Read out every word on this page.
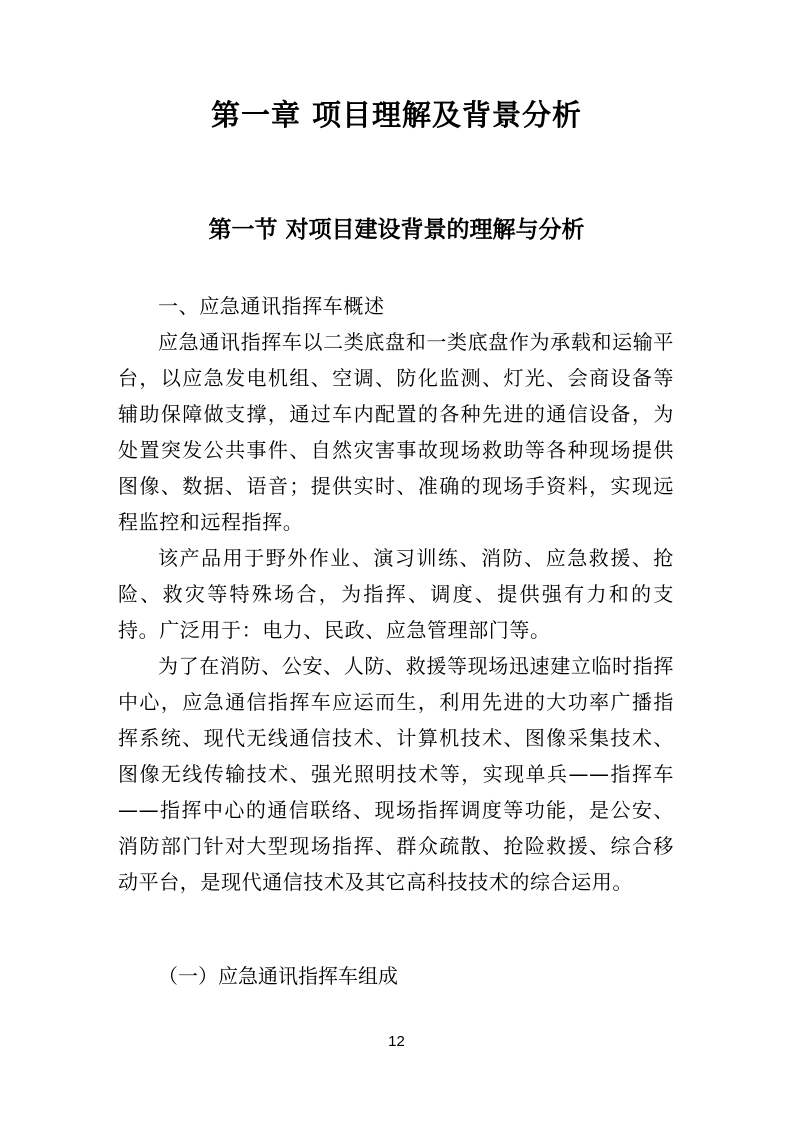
第一章 项目理解及背景分析
第一节 对项目建设背景的理解与分析

一、应急通讯指挥车概述

应急通讯指挥车以二类底盘和一类底盘作为承载和运输平台，以应急发电机组、空调、防化监测、灯光、会商设备等辅助保障做支撑，通过车内配置的各种先进的通信设备，为处置突发公共事件、自然灾害事故现场救助等各种现场提供图像、数据、语音；提供实时、准确的现场手资料，实现远程监控和远程指挥。

该产品用于野外作业、演习训练、消防、应急救援、抢险、救灾等特殊场合，为指挥、调度、提供强有力和的支持。广泛用于：电力、民政、应急管理部门等。

为了在消防、公安、人防、救援等现场迅速建立临时指挥中心，应急通信指挥车应运而生，利用先进的大功率广播指挥系统、现代无线通信技术、计算机技术、图像采集技术、图像无线传输技术、强光照明技术等，实现单兵——指挥车——指挥中心的通信联络、现场指挥调度等功能，是公安、消防部门针对大型现场指挥、群众疏散、抢险救援、综合移动平台，是现代通信技术及其它高科技技术的综合运用。

（一）应急通讯指挥车组成

12
